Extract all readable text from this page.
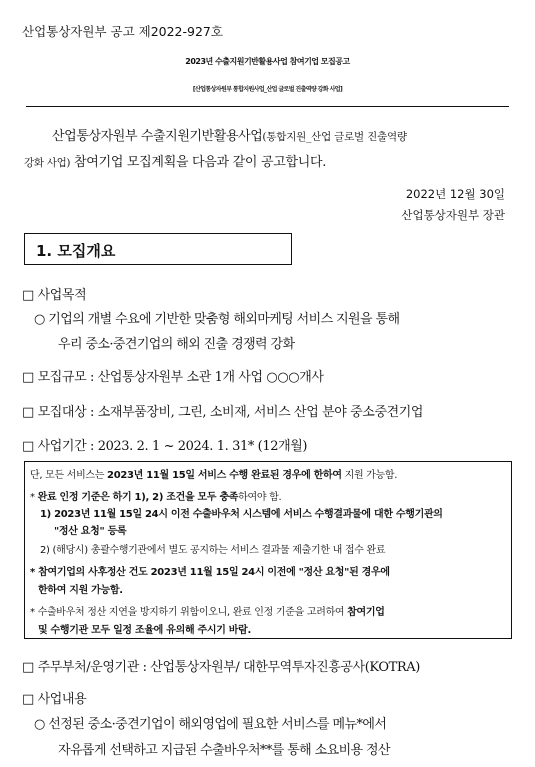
산업통상자원부 공고 제2022-927호
2023년 수출지원기반활용사업 참여기업 모집공고
[산업통상자원부 통합지원사업_산업 글로벌 진출역량 강화 사업]
산업통상자원부 수출지원기반활용사업(통합지원_산업 글로벌 진출역량
강화 사업) 참여기업 모집계획을 다음과 같이 공고합니다.
2022년 12월 30일
산업통상자원부 장관
1. 모집개요
□ 사업목적
○ 기업의 개별 수요에 기반한 맞춤형 해외마케팅 서비스 지원을 통해
우리 중소·중견기업의 해외 진출 경쟁력 강화
□ 모집규모 : 산업통상자원부 소관 1개 사업 ○○○개사
□ 모집대상 : 소재부품장비, 그린, 소비재, 서비스 산업 분야 중소중견기업
□ 사업기간 : 2023. 2. 1 ~ 2024. 1. 31* (12개월)
단, 모든 서비스는 2023년 11월 15일 서비스 수행 완료된 경우에 한하여 지원 가능함.
* 완료 인정 기준은 하기 1), 2) 조건을 모두 충족하여야 함.
1) 2023년 11월 15일 24시 이전 수출바우처 시스템에 서비스 수행결과물에 대한 수행기관의
"정산 요청" 등록
2) (해당시) 총괄수행기관에서 별도 공지하는 서비스 결과물 제출기한 내 접수 완료
* 참여기업의 사후정산 건도 2023년 11월 15일 24시 이전에 "정산 요청"된 경우에
한하여 지원 가능함.
* 수출바우처 정산 지연을 방지하기 위함이오니, 완료 인정 기준을 고려하여 참여기업
및 수행기관 모두 일정 조율에 유의해 주시기 바람.
□ 주무부처/운영기관 : 산업통상자원부/ 대한무역투자진흥공사(KOTRA)
□ 사업내용
○ 선정된 중소·중견기업이 해외영업에 필요한 서비스를 메뉴*에서
자유롭게 선택하고 지급된 수출바우처**를 통해 소요비용 정산
